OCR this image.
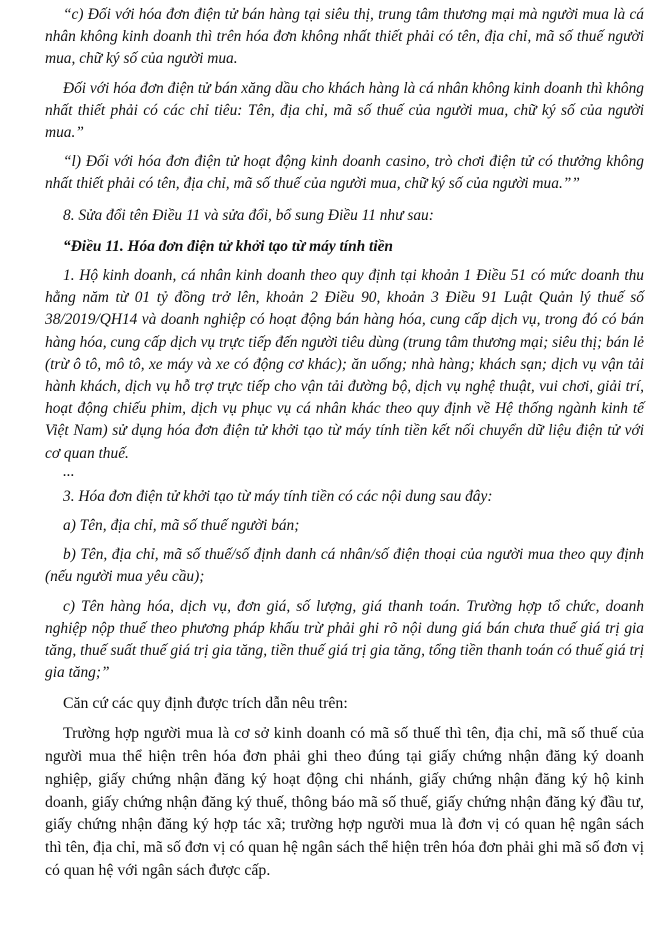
“c) Đối với hóa đơn điện tử bán hàng tại siêu thị, trung tâm thương mại mà người mua là cá nhân không kinh doanh thì trên hóa đơn không nhất thiết phải có tên, địa chỉ, mã số thuế người mua, chữ ký số của người mua.

Đối với hóa đơn điện tử bán xăng dầu cho khách hàng là cá nhân không kinh doanh thì không nhất thiết phải có các chỉ tiêu: Tên, địa chỉ, mã số thuế của người mua, chữ ký số của người mua.”

“l) Đối với hóa đơn điện tử hoạt động kinh doanh casino, trò chơi điện tử có thưởng không nhất thiết phải có tên, địa chỉ, mã số thuế của người mua, chữ ký số của người mua.””

8. Sửa đổi tên Điều 11 và sửa đổi, bổ sung Điều 11 như sau:

“Điều 11. Hóa đơn điện tử khởi tạo từ máy tính tiền

1. Hộ kinh doanh, cá nhân kinh doanh theo quy định tại khoản 1 Điều 51 có mức doanh thu hằng năm từ 01 tỷ đồng trở lên, khoản 2 Điều 90, khoản 3 Điều 91 Luật Quản lý thuế số 38/2019/QH14 và doanh nghiệp có hoạt động bán hàng hóa, cung cấp dịch vụ, trong đó có bán hàng hóa, cung cấp dịch vụ trực tiếp đến người tiêu dùng (trung tâm thương mại; siêu thị; bán lẻ (trừ ô tô, mô tô, xe máy và xe có động cơ khác); ăn uống; nhà hàng; khách sạn; dịch vụ vận tải hành khách, dịch vụ hỗ trợ trực tiếp cho vận tải đường bộ, dịch vụ nghệ thuật, vui chơi, giải trí, hoạt động chiếu phim, dịch vụ phục vụ cá nhân khác theo quy định về Hệ thống ngành kinh tế Việt Nam) sử dụng hóa đơn điện tử khởi tạo từ máy tính tiền kết nối chuyển dữ liệu điện tử với cơ quan thuế.

...

3. Hóa đơn điện tử khởi tạo từ máy tính tiền có các nội dung sau đây:

a) Tên, địa chỉ, mã số thuế người bán;

b) Tên, địa chỉ, mã số thuế/số định danh cá nhân/số điện thoại của người mua theo quy định (nếu người mua yêu cầu);

c) Tên hàng hóa, dịch vụ, đơn giá, số lượng, giá thanh toán. Trường hợp tổ chức, doanh nghiệp nộp thuế theo phương pháp khấu trừ phải ghi rõ nội dung giá bán chưa thuế giá trị gia tăng, thuế suất thuế giá trị gia tăng, tiền thuế giá trị gia tăng, tổng tiền thanh toán có thuế giá trị gia tăng;”

Căn cứ các quy định được trích dẫn nêu trên:

Trường hợp người mua là cơ sở kinh doanh có mã số thuế thì tên, địa chỉ, mã số thuế của người mua thể hiện trên hóa đơn phải ghi theo đúng tại giấy chứng nhận đăng ký doanh nghiệp, giấy chứng nhận đăng ký hoạt động chi nhánh, giấy chứng nhận đăng ký hộ kinh doanh, giấy chứng nhận đăng ký thuế, thông báo mã số thuế, giấy chứng nhận đăng ký đầu tư, giấy chứng nhận đăng ký hợp tác xã; trường hợp người mua là đơn vị có quan hệ ngân sách thì tên, địa chỉ, mã số đơn vị có quan hệ ngân sách thể hiện trên hóa đơn phải ghi mã số đơn vị có quan hệ với ngân sách được cấp.
